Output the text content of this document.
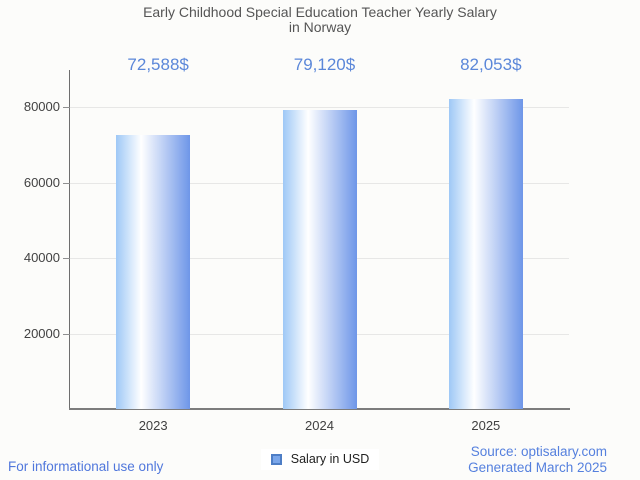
Early Childhood Special Education Teacher Yearly Salary
in Norway
20000
40000
60000
80000
72,588$
2023
79,120$
2024
82,053$
2025
Salary in USD
For informational use only
Source: optisalary.com
Generated March 2025
